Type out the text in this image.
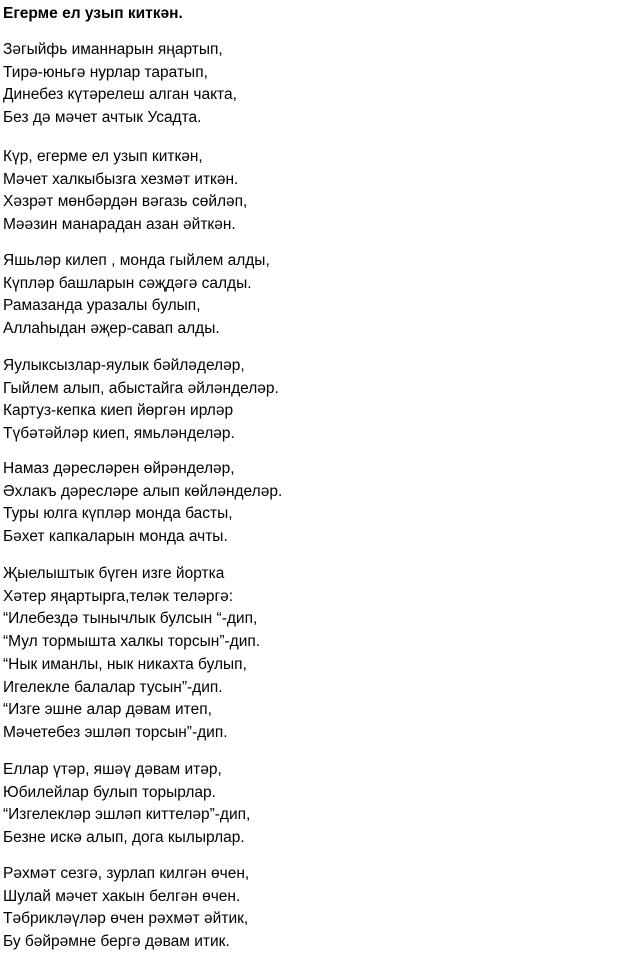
Егерме ел узып киткән.
Зәгыйфь иманнарын яңартып,
Тирә-юньгә нурлар таратып,
Динебез күтәрелеш алган чакта,
Без дә мәчет ачтык Усадта.
Күр, егерме ел узып киткән,
Мәчет халкыбызга хезмәт иткән.
Хәзрәт мөнбәрдән вәгазь сөйләп,
Мәәзин манарадан азан әйткән.
Яшьләр килеп , монда гыйлем алды,
Күпләр башларын сәҗдәгә салды.
Рамазанда уразалы булып,
Аллаһыдан әҗер-савап алды.
Яулыксызлар-яулык бәйләделәр,
Гыйлем алып, абыстайга әйләнделәр.
Картуз-кепка киеп йөргән ирләр
Түбәтәйләр киеп, ямьләнделәр.
Намаз дәресләрен өйрәнделәр,
Әхлакъ дәресләре алып көйләнделәр.
Туры юлга күпләр монда басты,
Бәхет капкаларын монда ачты.
Җыелыштык бүген изге йортка
Хәтер яңартырга,теләк теләргә:
“Илебездә тынычлык булсын “-дип,
“Мул тормышта халкы торсын”-дип.
“Нык иманлы, нык никахта булып,
Игелекле балалар тусын”-дип.
“Изге эшне алар дәвам итеп,
Мәчетебез эшләп торсын”-дип.
Еллар үтәр, яшәү дәвам итәр,
Юбилейлар булып торырлар.
“Изгелекләр эшләп киттеләр”-дип,
Безне искә алып, дога кылырлар.
Рәхмәт сезгә, зурлап килгән өчен,
Шулай мәчет хакын белгән өчен.
Тәбрикләүләр өчен рәхмәт әйтик,
Бу бәйрәмне бергә дәвам итик.
